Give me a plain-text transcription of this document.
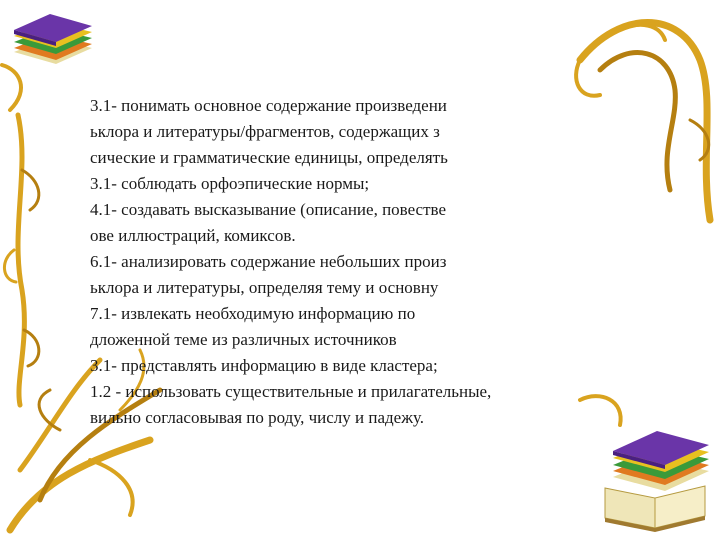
3.1- понимать основное содержание произведени
ьклора и литературы/фрагментов, содержащих з
сические и грамматические единицы, определять
3.1- соблюдать орфоэпические нормы;
4.1- создавать высказывание (описание, повестве
ове иллюстраций, комиксов.
6.1- анализировать содержание небольших произ
ьклора и литературы, определяя тему и основну
7.1- извлекать необходимую информацию по
дложенной теме из различных источников
3.1- представлять информацию в виде кластера;
1.2 - использовать существительные и прилагательные,
вильно согласовывая по роду, числу и падежу.
